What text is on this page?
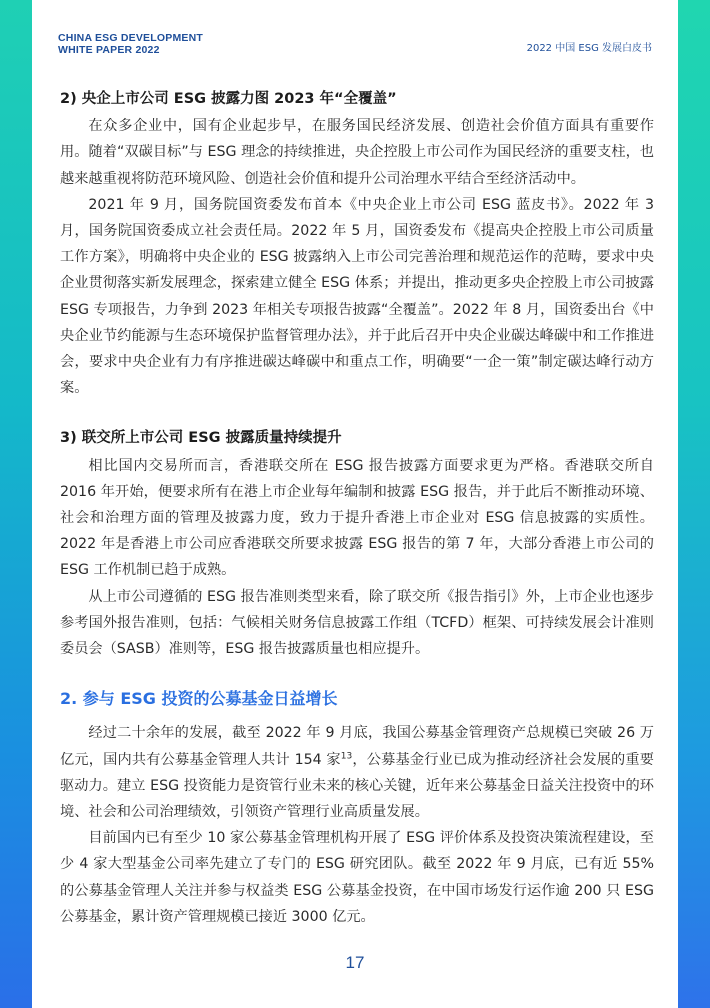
CHINA ESG DEVELOPMENT
WHITE PAPER 2022	2022 中国 ESG 发展白皮书
2) 央企上市公司 ESG 披露力图 2023 年“全覆盖”

在众多企业中，国有企业起步早，在服务国民经济发展、创造社会价值方面具有重要作用。随着“双碳目标”与 ESG 理念的持续推进，央企控股上市公司作为国民经济的重要支柱，也越来越重视将防范环境风险、创造社会价值和提升公司治理水平结合至经济活动中。

2021 年 9 月，国务院国资委发布首本《中央企业上市公司 ESG 蓝皮书》。2022 年 3 月，国务院国资委成立社会责任局。2022 年 5 月，国资委发布《提高央企控股上市公司质量工作方案》，明确将中央企业的 ESG 披露纳入上市公司完善治理和规范运作的范畴，要求中央企业贯彻落实新发展理念，探索建立健全 ESG 体系；并提出，推动更多央企控股上市公司披露 ESG 专项报告，力争到 2023 年相关专项报告披露“全覆盖”。2022 年 8 月，国资委出台《中央企业节约能源与生态环境保护监督管理办法》，并于此后召开中央企业碳达峰碳中和工作推进会，要求中央企业有力有序推进碳达峰碳中和重点工作，明确要“一企一策”制定碳达峰行动方案。

3) 联交所上市公司 ESG 披露质量持续提升

相比国内交易所而言，香港联交所在 ESG 报告披露方面要求更为严格。香港联交所自 2016 年开始，便要求所有在港上市企业每年编制和披露 ESG 报告，并于此后不断推动环境、社会和治理方面的管理及披露力度，致力于提升香港上市企业对 ESG 信息披露的实质性。2022 年是香港上市公司应香港联交所要求披露 ESG 报告的第 7 年，大部分香港上市公司的 ESG 工作机制已趋于成熟。

从上市公司遵循的 ESG 报告准则类型来看，除了联交所《报告指引》外，上市企业也逐步参考国外报告准则，包括：气候相关财务信息披露工作组（TCFD）框架、可持续发展会计准则委员会（SASB）准则等，ESG 报告披露质量也相应提升。

2. 参与 ESG 投资的公募基金日益增长

经过二十余年的发展，截至 2022 年 9 月底，我国公募基金管理资产总规模已突破 26 万亿元，国内共有公募基金管理人共计 154 家$^{13}$，公募基金行业已成为推动经济社会发展的重要驱动力。建立 ESG 投资能力是资管行业未来的核心关键，近年来公募基金日益关注投资中的环境、社会和公司治理绩效，引领资产管理行业高质量发展。

目前国内已有至少 10 家公募基金管理机构开展了 ESG 评价体系及投资决策流程建设，至少 4 家大型基金公司率先建立了专门的 ESG 研究团队。截至 2022 年 9 月底，已有近 55% 的公募基金管理人关注并参与权益类 ESG 公募基金投资，在中国市场发行运作逾 200 只 ESG 公募基金，累计资产管理规模已接近 3000 亿元。

17
